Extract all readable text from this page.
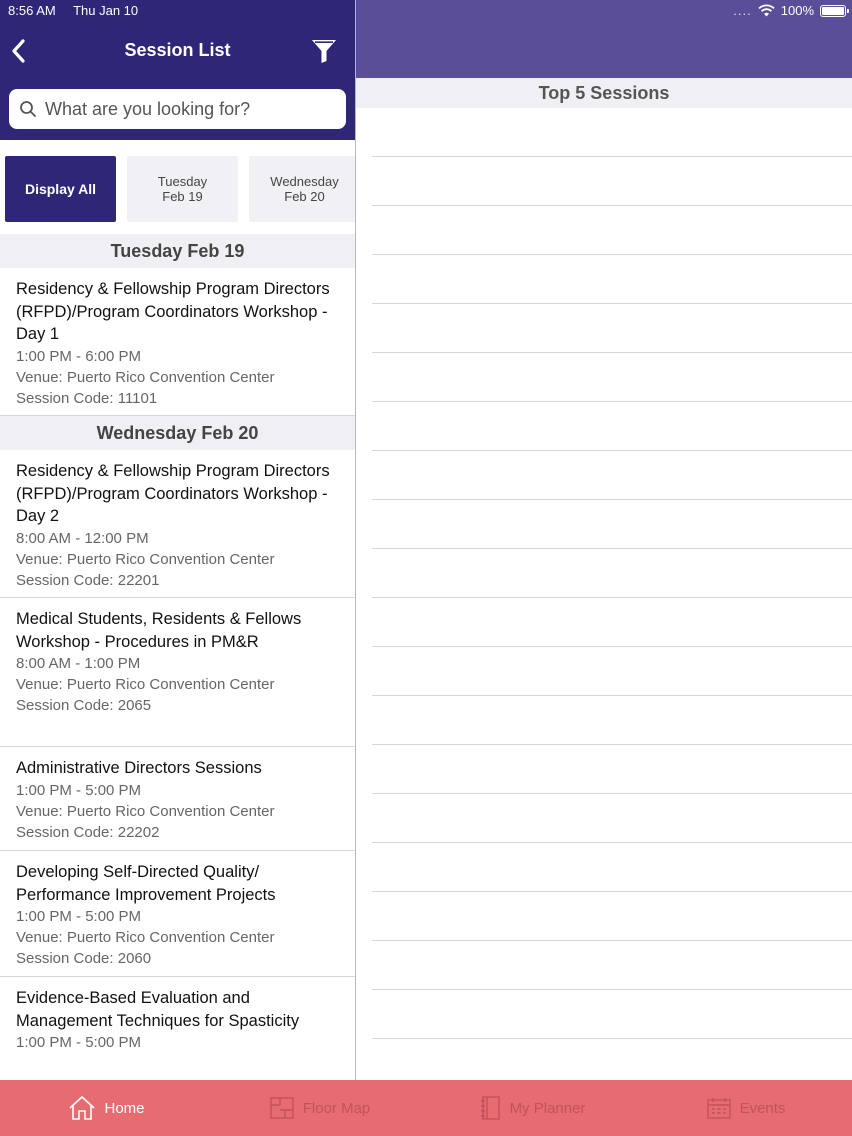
8:56 AM Thu Jan 10	.... 100%
Session List
What are you looking for?
Display All	Tuesday
Feb 19
Wednesday
Feb 20
Tuesday Feb 19
Residency & Fellowship Program Directors (RFPD)/Program Coordinators Workshop - Day 1
1:00 PM - 6:00 PM
Venue: Puerto Rico Convention Center
Session Code: 11101
Wednesday Feb 20
Residency & Fellowship Program Directors (RFPD)/Program Coordinators Workshop - Day 2
8:00 AM - 12:00 PM
Venue: Puerto Rico Convention Center
Session Code: 22201
Medical Students, Residents & Fellows Workshop - Procedures in PM&R
8:00 AM - 1:00 PM
Venue: Puerto Rico Convention Center
Session Code: 2065
Administrative Directors Sessions
1:00 PM - 5:00 PM
Venue: Puerto Rico Convention Center
Session Code: 22202
Developing Self-Directed Quality/ Performance Improvement Projects
1:00 PM - 5:00 PM
Venue: Puerto Rico Convention Center
Session Code: 2060
Evidence-Based Evaluation and Management Techniques for Spasticity
1:00 PM - 5:00 PM
Top 5 Sessions
Home	Floor Map	My Planner	Events
